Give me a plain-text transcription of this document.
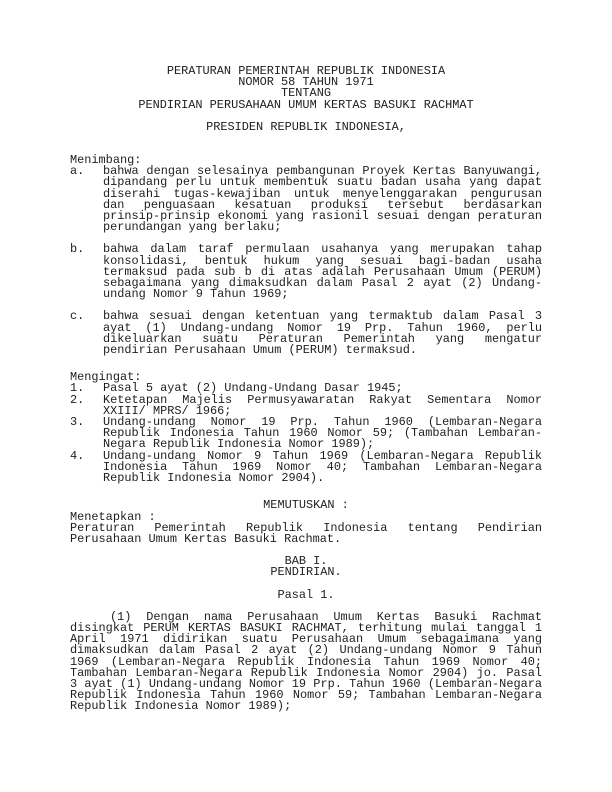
PERATURAN PEMERINTAH REPUBLIK INDONESIA
NOMOR 58 TAHUN 1971
TENTANG
PENDIRIAN PERUSAHAAN UMUM KERTAS BASUKI RACHMAT
PRESIDEN REPUBLIK INDONESIA,
Menimbang:
a.	bahwa dengan selesainya pembangunan Proyek Kertas Banyuwangi, dipandang perlu untuk membentuk suatu badan usaha yang dapat diserahi tugas-kewajiban untuk menyelenggarakan pengurusan dan penguasaan kesatuan produksi tersebut berdasarkan prinsip-prinsip ekonomi yang rasionil sesuai dengan peraturan perundangan yang berlaku;
b.	bahwa dalam taraf permulaan usahanya yang merupakan tahap konsolidasi, bentuk hukum yang sesuai bagi-badan usaha termaksud pada sub b di atas adalah Perusahaan Umum (PERUM) sebagaimana yang dimaksudkan dalam Pasal 2 ayat (2) Undang-undang Nomor 9 Tahun 1969;
c.	bahwa sesuai dengan ketentuan yang termaktub dalam Pasal 3 ayat (1) Undang-undang Nomor 19 Prp. Tahun 1960, perlu dikeluarkan suatu Peraturan Pemerintah yang mengatur pendirian Perusahaan Umum (PERUM) termaksud.
Mengingat:
1.	Pasal 5 ayat (2) Undang-Undang Dasar 1945;
2.	Ketetapan Majelis Permusyawaratan Rakyat Sementara Nomor XXIII/ MPRS/ 1966;
3.	Undang-undang Nomor 19 Prp. Tahun 1960 (Lembaran-Negara Republik Indonesia Tahun 1960 Nomor 59; (Tambahan Lembaran-Negara Republik Indonesia Nomor 1989);
4.	Undang-undang Nomor 9 Tahun 1969 (Lembaran-Negara Republik Indonesia Tahun 1969 Nomor 40; Tambahan Lembaran-Negara Republik Indonesia Nomor 2904).
MEMUTUSKAN :
Menetapkan :
Peraturan Pemerintah Republik Indonesia tentang Pendirian Perusahaan Umum Kertas Basuki Rachmat.
BAB I.
PENDIRIAN.
Pasal 1.
(1) Dengan nama Perusahaan Umum Kertas Basuki Rachmat disingkat PERUM KERTAS BASUKI RACHMAT, terhitung mulai tanggal 1 April 1971 didirikan suatu Perusahaan Umum sebagaimana yang dimaksudkan dalam Pasal 2 ayat (2) Undang-undang Nomor 9 Tahun 1969 (Lembaran-Negara Republik Indonesia Tahun 1969 Nomor 40; Tambahan Lembaran-Negara Republik Indonesia Nomor 2904) jo. Pasal 3 ayat (1) Undang-undang Nomor 19 Prp. Tahun 1960 (Lembaran-Negara Republik Indonesia Tahun 1960 Nomor 59; Tambahan Lembaran-Negara Republik Indonesia Nomor 1989);
